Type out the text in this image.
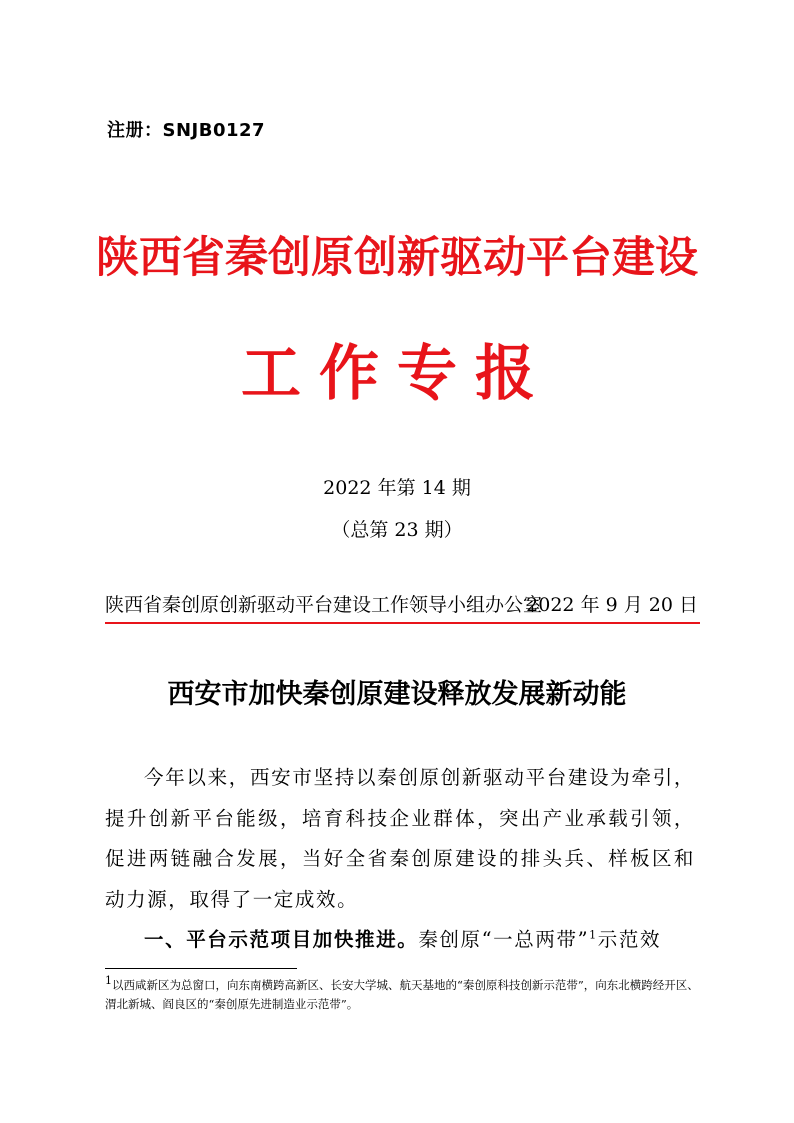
注册：SNJB0127
陕西省秦创原创新驱动平台建设
工作专报
2022 年第 14 期
（总第 23 期）
陕西省秦创原创新驱动平台建设工作领导小组办公室
2022 年 9 月 20 日
西安市加快秦创原建设释放发展新动能

今年以来，西安市坚持以秦创原创新驱动平台建设为牵引，提升创新平台能级，培育科技企业群体，突出产业承载引领，促进两链融合发展，当好全省秦创原建设的排头兵、样板区和动力源，取得了一定成效。

一、平台示范项目加快推进。秦创原“一总两带”$^1$示范效

$^1$以西咸新区为总窗口，向东南横跨高新区、长安大学城、航天基地的“秦创原科技创新示范带”，向东北横跨经开区、渭北新城、阎良区的“秦创原先进制造业示范带”。
